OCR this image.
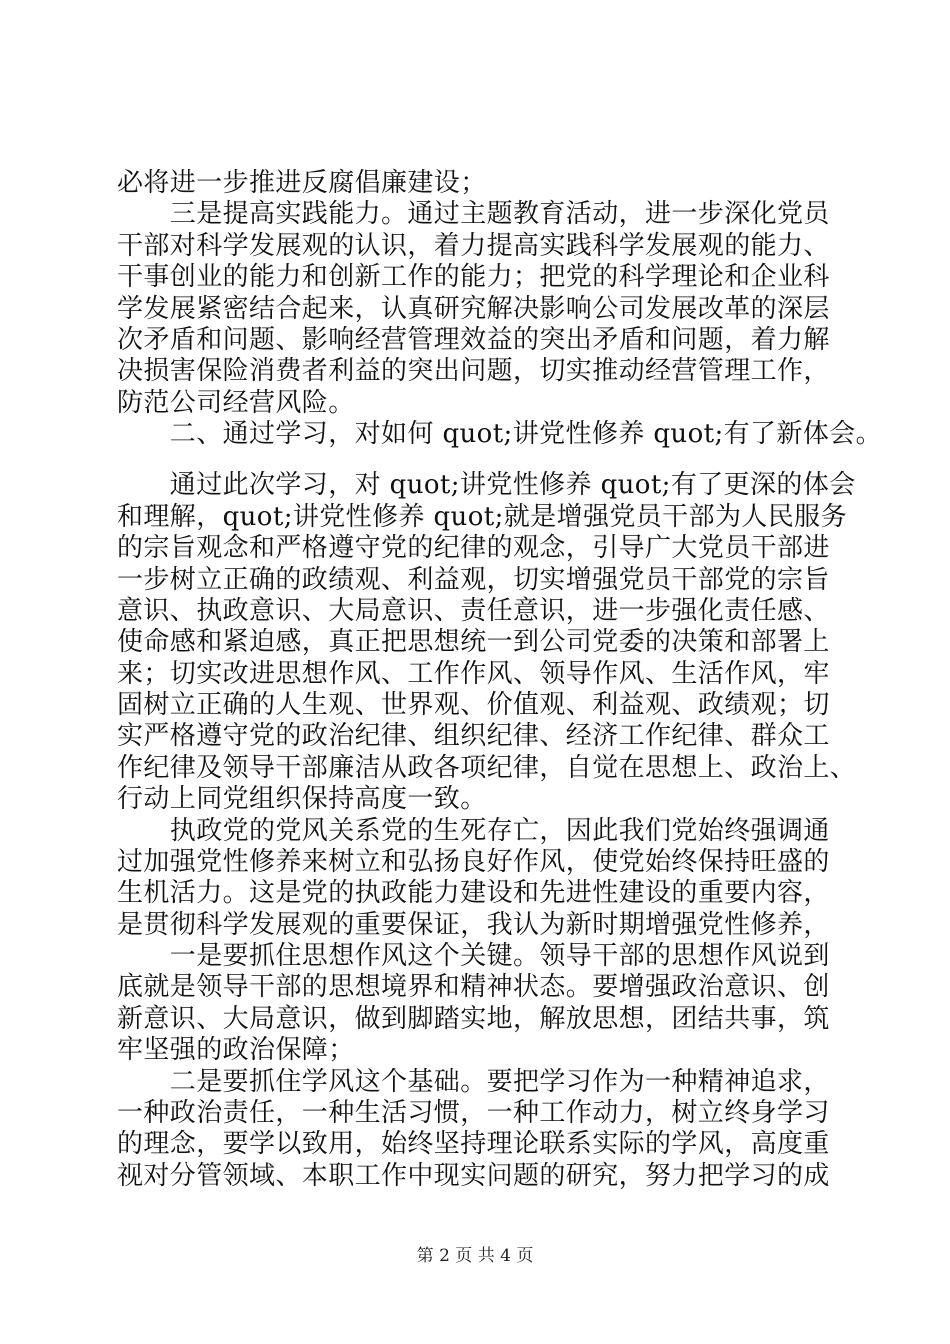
必将进一步推进反腐倡廉建设；
　　三是提高实践能力。通过主题教育活动，进一步深化党员
干部对科学发展观的认识，着力提高实践科学发展观的能力、
干事创业的能力和创新工作的能力；把党的科学理论和企业科
学发展紧密结合起来，认真研究解决影响公司发展改革的深层
次矛盾和问题、影响经营管理效益的突出矛盾和问题，着力解
决损害保险消费者利益的突出问题，切实推动经营管理工作，
防范公司经营风险。
　　二、通过学习，对如何 quot;讲党性修养 quot;有了新体会。
　　通过此次学习，对 quot;讲党性修养 quot;有了更深的体会
和理解，quot;讲党性修养 quot;就是增强党员干部为人民服务
的宗旨观念和严格遵守党的纪律的观念，引导广大党员干部进
一步树立正确的政绩观、利益观，切实增强党员干部党的宗旨
意识、执政意识、大局意识、责任意识，进一步强化责任感、
使命感和紧迫感，真正把思想统一到公司党委的决策和部署上
来；切实改进思想作风、工作作风、领导作风、生活作风，牢
固树立正确的人生观、世界观、价值观、利益观、政绩观；切
实严格遵守党的政治纪律、组织纪律、经济工作纪律、群众工
作纪律及领导干部廉洁从政各项纪律，自觉在思想上、政治上、
行动上同党组织保持高度一致。
　　执政党的党风关系党的生死存亡，因此我们党始终强调通
过加强党性修养来树立和弘扬良好作风，使党始终保持旺盛的
生机活力。这是党的执政能力建设和先进性建设的重要内容，
是贯彻科学发展观的重要保证，我认为新时期增强党性修养，
　　一是要抓住思想作风这个关键。领导干部的思想作风说到
底就是领导干部的思想境界和精神状态。要增强政治意识、创
新意识、大局意识，做到脚踏实地，解放思想，团结共事，筑
牢坚强的政治保障；
　　二是要抓住学风这个基础。要把学习作为一种精神追求，
一种政治责任，一种生活习惯，一种工作动力，树立终身学习
的理念，要学以致用，始终坚持理论联系实际的学风，高度重
视对分管领域、本职工作中现实问题的研究，努力把学习的成
第 2 页 共 4 页
